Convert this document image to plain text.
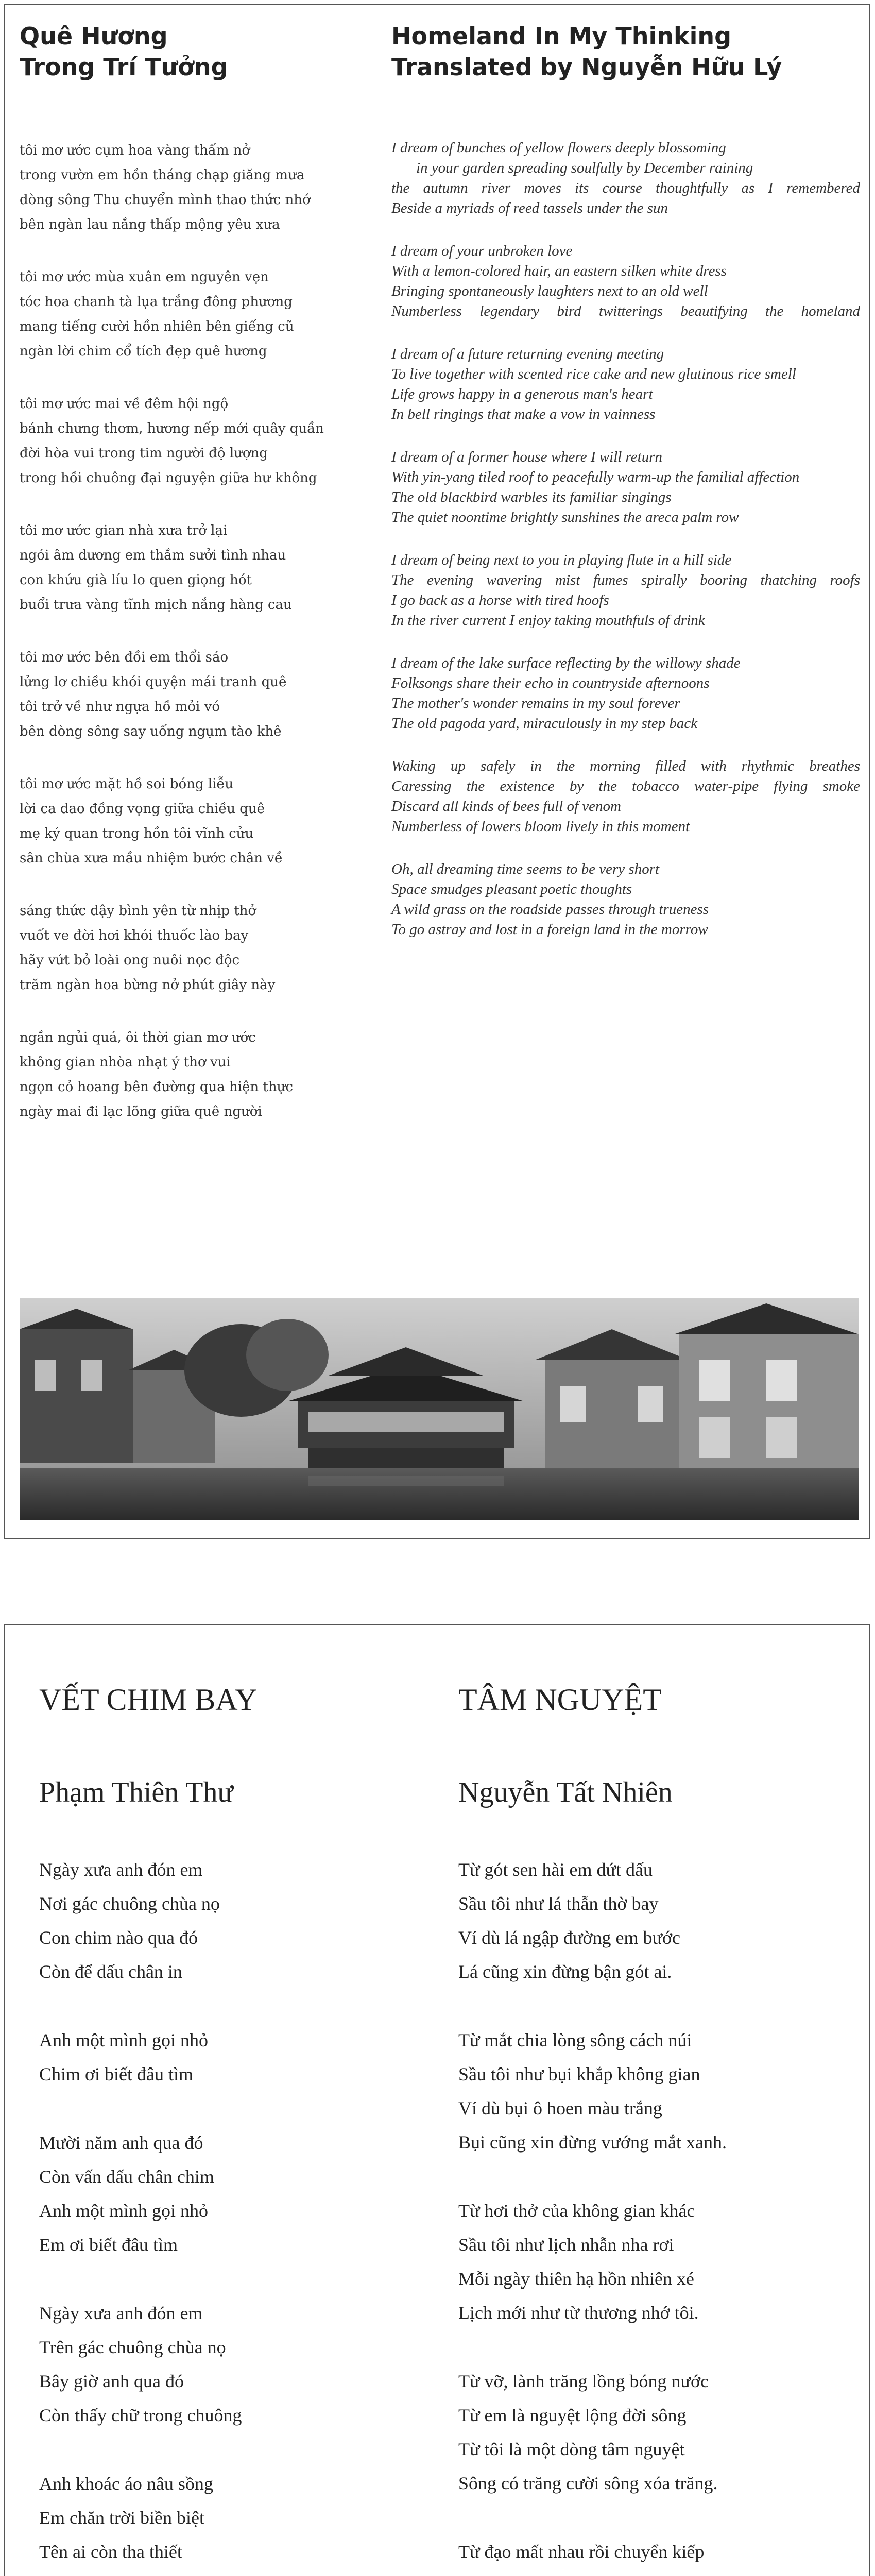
Quê Hương
Trong Trí Tưởng
tôi mơ ước cụm hoa vàng thấm nở
trong vườn em hồn tháng chạp giăng mưa
dòng sông Thu chuyển mình thao thức nhớ
bên ngàn lau nắng thấp mộng yêu xưa
tôi mơ ước mùa xuân em nguyên vẹn
tóc hoa chanh tà lụa trắng đông phương
mang tiếng cười hồn nhiên bên giếng cũ
ngàn lời chim cổ tích đẹp quê hương
tôi mơ ước mai về đêm hội ngộ
bánh chưng thơm, hương nếp mới quây quần
đời hòa vui trong tim người độ lượng
trong hồi chuông đại nguyện giữa hư không
tôi mơ ước gian nhà xưa trở lại
ngói âm dương em thắm sưởi tình nhau
con khứu già líu lo quen giọng hót
buổi trưa vàng tĩnh mịch nắng hàng cau
tôi mơ ước bên đồi em thổi sáo
lửng lơ chiều khói quyện mái tranh quê
tôi trở về như ngựa hồ mỏi vó
bên dòng sông say uống ngụm tào khê
tôi mơ ước mặt hồ soi bóng liễu
lời ca dao đồng vọng giữa chiều quê
mẹ ký quan trong hồn tôi vĩnh cửu
sân chùa xưa mầu nhiệm bước chân về
sáng thức dậy bình yên từ nhịp thở
vuốt ve đời hơi khói thuốc lào bay
hãy vứt bỏ loài ong nuôi nọc độc
trăm ngàn hoa bừng nở phút giây này
ngắn ngủi quá, ôi thời gian mơ ước
không gian nhòa nhạt ý thơ vui
ngọn cỏ hoang bên đường qua hiện thực
ngày mai đi lạc lõng giữa quê người
Homeland In My Thinking
Translated by Nguyễn Hữu Lý
I dream of bunches of yellow flowers deeply blossoming
in your garden spreading soulfully by December raining
the autumn river moves its course thoughtfully as I remembered
Beside a myriads of reed tassels under the sun
I dream of your unbroken love
With a lemon-colored hair, an eastern silken white dress
Bringing spontaneously laughters next to an old well
Numberless legendary bird twitterings beautifying the homeland
I dream of a future returning evening meeting
To live together with scented rice cake and new glutinous rice smell
Life grows happy in a generous man's heart
In bell ringings that make a vow in vainness
I dream of a former house where I will return
With yin-yang tiled roof to peacefully warm-up the familial affection
The old blackbird warbles its familiar singings
The quiet noontime brightly sunshines the areca palm row
I dream of being next to you in playing flute in a hill side
The evening wavering mist fumes spirally booring thatching roofs
I go back as a horse with tired hoofs
In the river current I enjoy taking mouthfuls of drink
I dream of the lake surface reflecting by the willowy shade
Folksongs share their echo in countryside afternoons
The mother's wonder remains in my soul forever
The old pagoda yard, miraculously in my step back
Waking up safely in the morning filled with rhythmic breathes
Caressing the existence by the tobacco water-pipe flying smoke
Discard all kinds of bees full of venom
Numberless of lowers bloom lively in this moment
Oh, all dreaming time seems to be very short
Space smudges pleasant poetic thoughts
A wild grass on the roadside passes through trueness
To go astray and lost in a foreign land in the morrow
VẾT CHIM BAY
Phạm Thiên Thư
Ngày xưa anh đón em
Nơi gác chuông chùa nọ
Con chim nào qua đó
Còn để dấu chân in
Anh một mình gọi nhỏ
Chim ơi biết đâu tìm
Mười năm anh qua đó
Còn vấn dấu chân chim
Anh một mình gọi nhỏ
Em ơi biết đâu tìm
Ngày xưa anh đón em
Trên gác chuông chùa nọ
Bây giờ anh qua đó
Còn thấy chữ trong chuông
Anh khoác áo nâu sồng
Em chăn trời biền biệt
Tên ai còn tha thiết
TÂM NGUYỆT
Nguyễn Tất Nhiên
Từ gót sen hài em dứt dấu
Sầu tôi như lá thẫn thờ bay
Ví dù lá ngập đường em bước
Lá cũng xin đừng bận gót ai.
Từ mắt chia lòng sông cách núi
Sầu tôi như bụi khắp không gian
Ví dù bụi ô hoen màu trắng
Bụi cũng xin đừng vướng mắt xanh.
Từ hơi thở của không gian khác
Sầu tôi như lịch nhẫn nha rơi
Mỗi ngày thiên hạ hồn nhiên xé
Lịch mới như từ thương nhớ tôi.
Từ vỡ, lành trăng lồng bóng nước
Từ em là nguyệt lộng đời sông
Từ tôi là một dòng tâm nguyệt
Sông có trăng cười sông xóa trăng.
Từ đạo mất nhau rồi chuyển kiếp
